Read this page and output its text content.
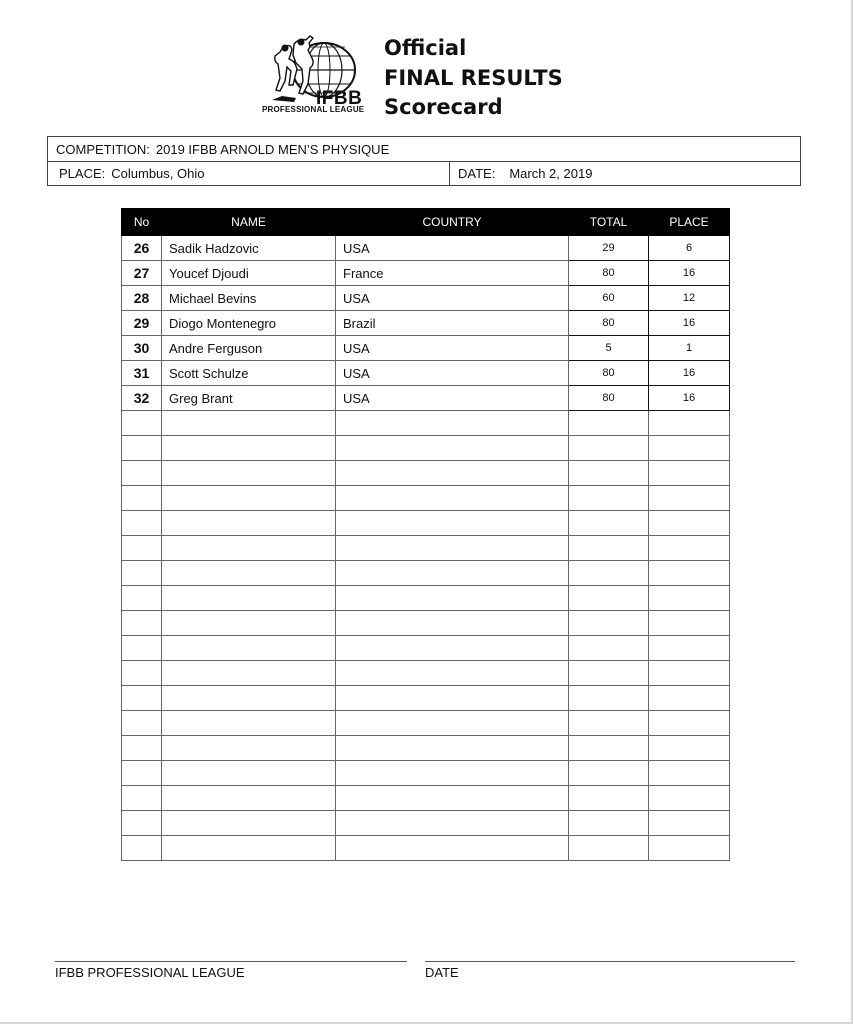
IFBB
PROFESSIONAL LEAGUE
Official
FINAL RESULTS
Scorecard
COMPETITION: 2019 IFBB ARNOLD MEN’S PHYSIQUE
PLACE: Columbus, Ohio	DATE: March 2, 2019
No	NAME	COUNTRY	TOTAL	PLACE
26	Sadik Hadzovic	USA	29	6
27	Youcef Djoudi	France	80	16
28	Michael Bevins	USA	60	12
29	Diogo Montenegro	Brazil	80	16
30	Andre Ferguson	USA	5	1
31	Scott Schulze	USA	80	16
32	Greg Brant	USA	80	16

IFBB PROFESSIONAL LEAGUE	DATE
